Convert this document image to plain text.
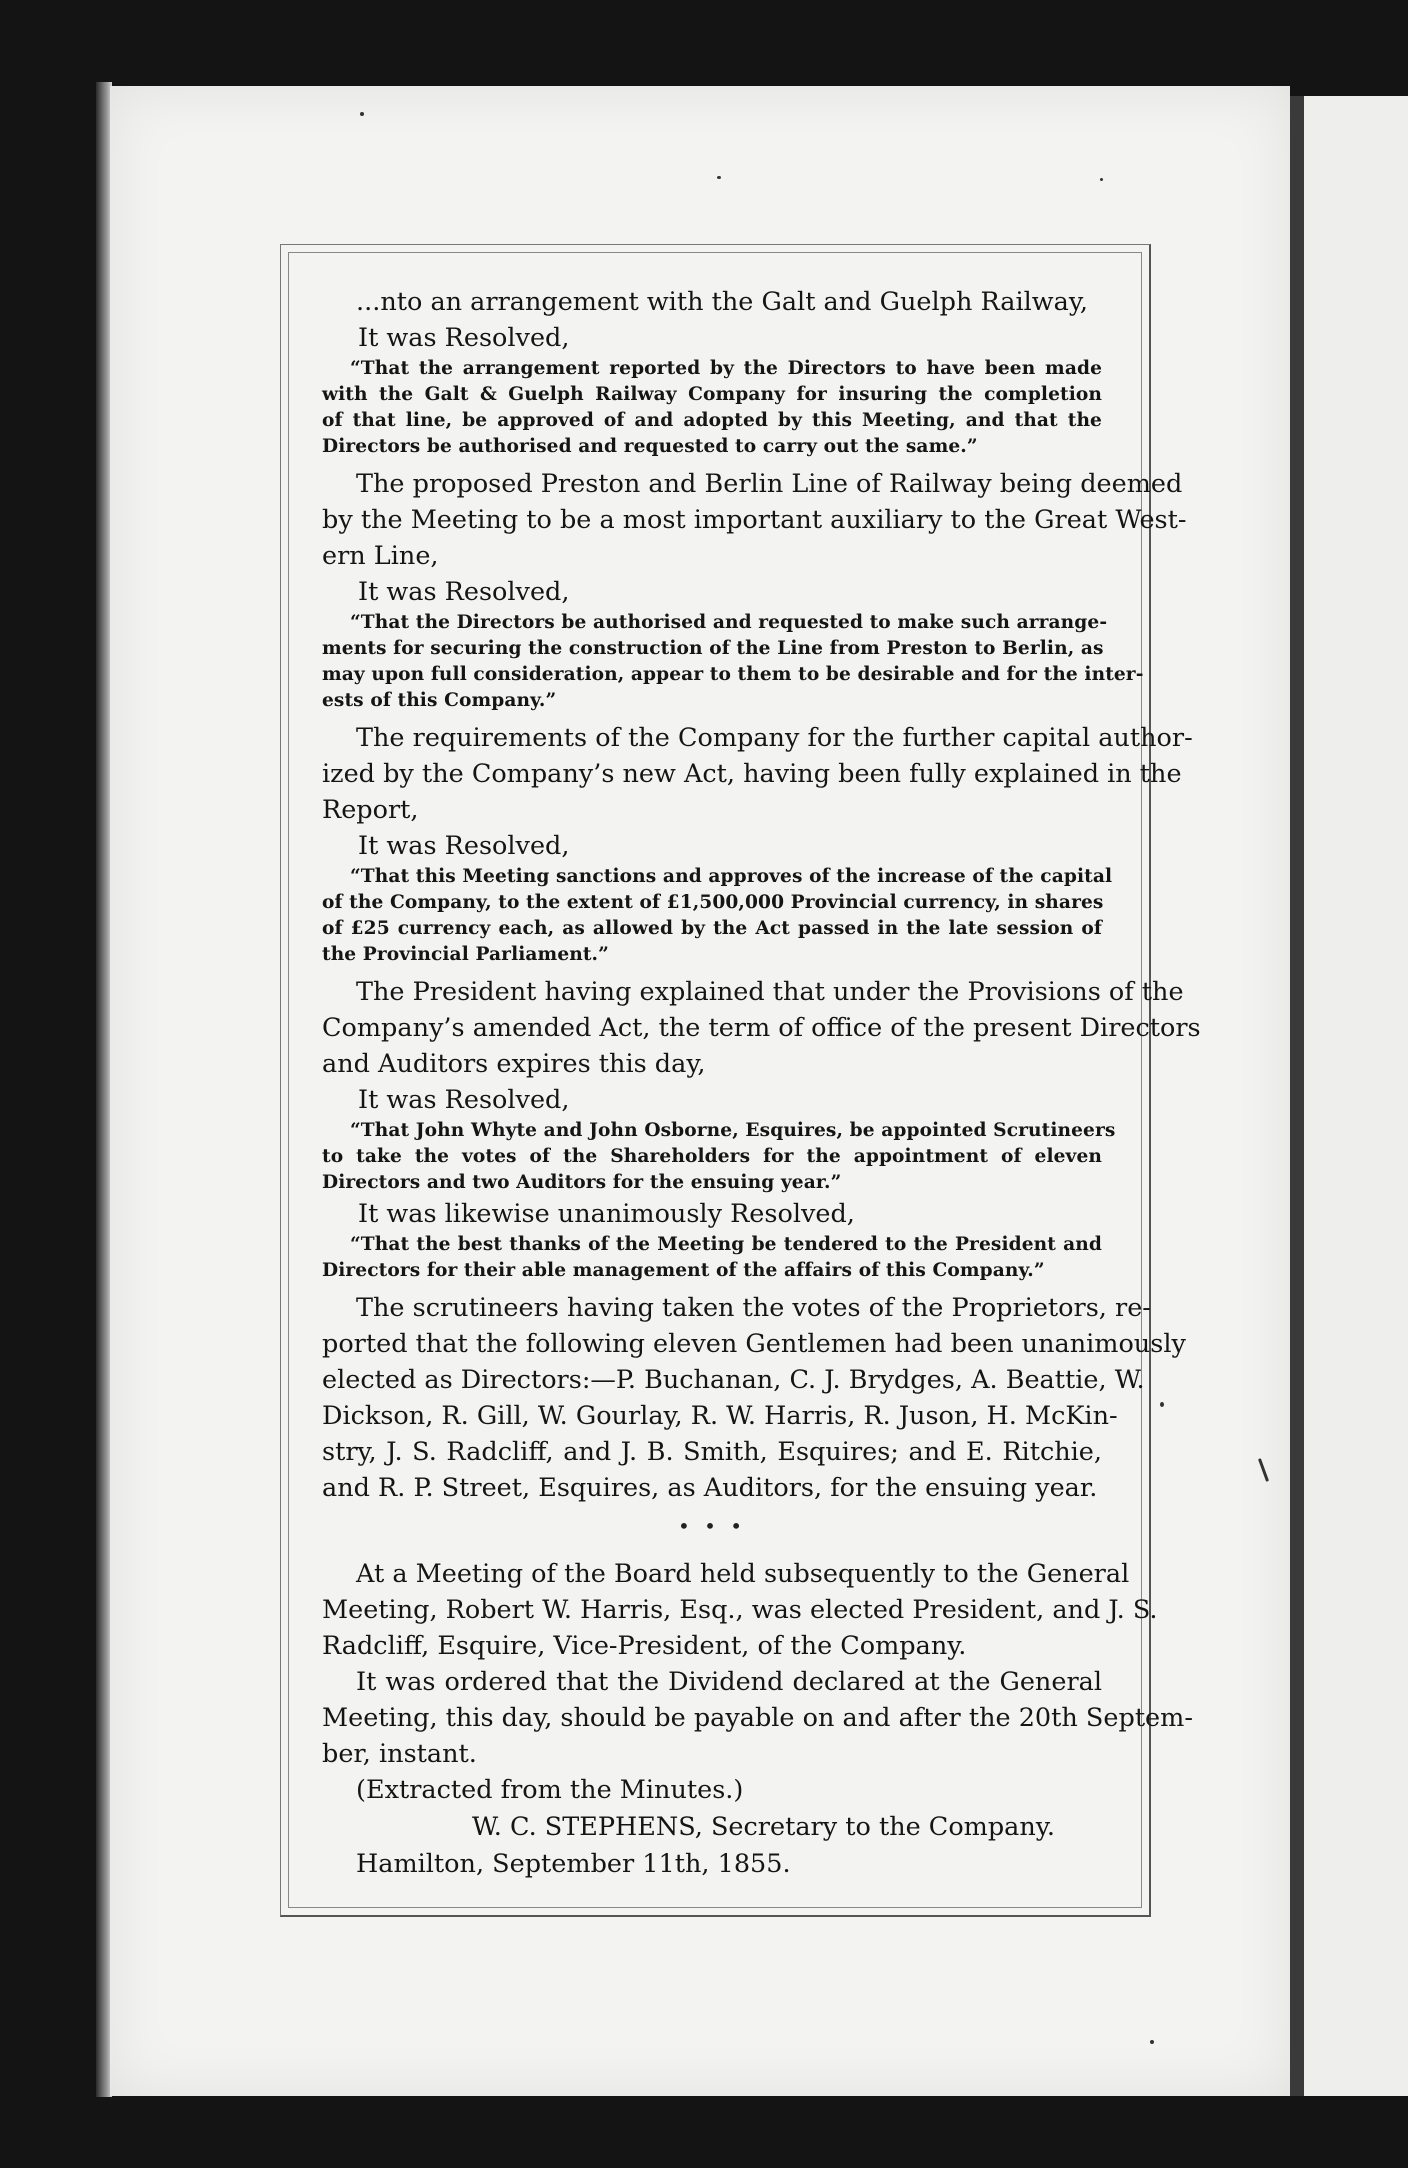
...nto an arrangement with the Galt and Guelph Railway,
It was Resolved,
“That the arrangement reported by the Directors to have been made
with the Galt & Guelph Railway Company for insuring the completion
of that line, be approved of and adopted by this Meeting, and that the
Directors be authorised and requested to carry out the same.”
The proposed Preston and Berlin Line of Railway being deemed
by the Meeting to be a most important auxiliary to the Great West-
ern Line,
It was Resolved,
“That the Directors be authorised and requested to make such arrange-
ments for securing the construction of the Line from Preston to Berlin, as
may upon full consideration, appear to them to be desirable and for the inter-
ests of this Company.”
The requirements of the Company for the further capital author-
ized by the Company’s new Act, having been fully explained in the
Report,
It was Resolved,
“That this Meeting sanctions and approves of the increase of the capital
of the Company, to the extent of £1,500,000 Provincial currency, in shares
of £25 currency each, as allowed by the Act passed in the late session of
the Provincial Parliament.”
The President having explained that under the Provisions of the
Company’s amended Act, the term of office of the present Directors
and Auditors expires this day,
It was Resolved,
“That John Whyte and John Osborne, Esquires, be appointed Scrutineers
to take the votes of the Shareholders for the appointment of eleven
Directors and two Auditors for the ensuing year.”
It was likewise unanimously Resolved,
“That the best thanks of the Meeting be tendered to the President and
Directors for their able management of the affairs of this Company.”
The scrutineers having taken the votes of the Proprietors, re-
ported that the following eleven Gentlemen had been unanimously
elected as Directors:—P. Buchanan, C. J. Brydges, A. Beattie, W.
Dickson, R. Gill, W. Gourlay, R. W. Harris, R. Juson, H. McKin-
stry, J. S. Radcliff, and J. B. Smith, Esquires; and E. Ritchie,
and R. P. Street, Esquires, as Auditors, for the ensuing year.
• • •
At a Meeting of the Board held subsequently to the General
Meeting, Robert W. Harris, Esq., was elected President, and J. S.
Radcliff, Esquire, Vice-President, of the Company.
It was ordered that the Dividend declared at the General
Meeting, this day, should be payable on and after the 20th Septem-
ber, instant.
(Extracted from the Minutes.)
W. C. STEPHENS, Secretary to the Company.
Hamilton, September 11th, 1855.
